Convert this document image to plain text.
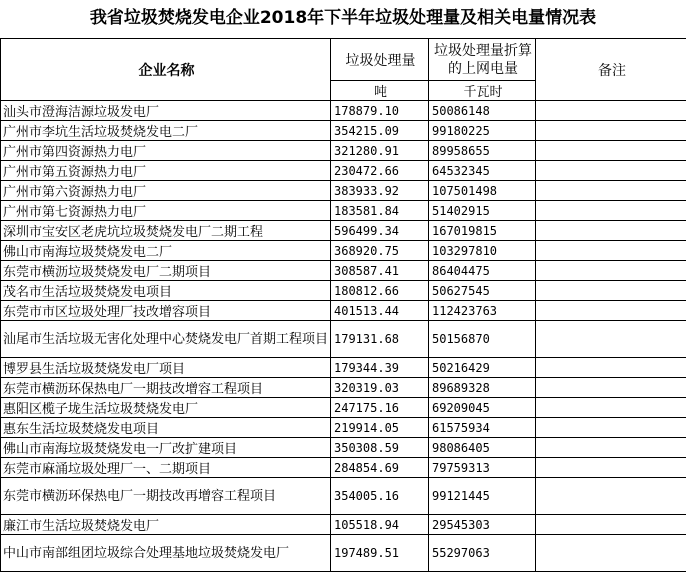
我省垃圾焚烧发电企业2018年下半年垃圾处理量及相关电量情况表
企业名称	垃圾处理量	垃圾处理量折算的上网电量	备注
	吨	千瓦时	
汕头市澄海洁源垃圾发电厂	178879.10	50086148	
广州市李坑生活垃圾焚烧发电二厂	354215.09	99180225	
广州市第四资源热力电厂	321280.91	89958655	
广州市第五资源热力电厂	230472.66	64532345	
广州市第六资源热力电厂	383933.92	107501498	
广州市第七资源热力电厂	183581.84	51402915	
深圳市宝安区老虎坑垃圾焚烧发电厂二期工程	596499.34	167019815	
佛山市南海垃圾焚烧发电二厂	368920.75	103297810	
东莞市横沥垃圾焚烧发电厂二期项目	308587.41	86404475	
茂名市生活垃圾焚烧发电项目	180812.66	50627545	
东莞市市区垃圾处理厂技改增容项目	401513.44	112423763	
汕尾市生活垃圾无害化处理中心焚烧发电厂首期工程项目	179131.68	50156870	
博罗县生活垃圾焚烧发电厂项目	179344.39	50216429	
东莞市横沥环保热电厂一期技改增容工程项目	320319.03	89689328	
惠阳区榄子垅生活垃圾焚烧发电厂	247175.16	69209045	
惠东生活垃圾焚烧发电项目	219914.05	61575934	
佛山市南海垃圾焚烧发电一厂改扩建项目	350308.59	98086405	
东莞市麻涌垃圾处理厂一、二期项目	284854.69	79759313	
东莞市横沥环保热电厂一期技改再增容工程项目	354005.16	99121445	
廉江市生活垃圾焚烧发电厂	105518.94	29545303	
中山市南部组团垃圾综合处理基地垃圾焚烧发电厂	197489.51	55297063	
